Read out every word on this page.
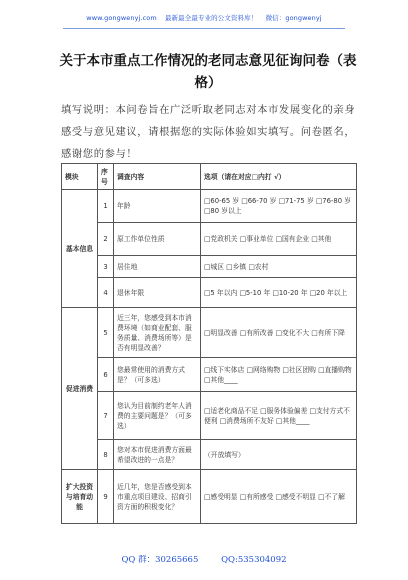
www.gongwenyj.com 最新最全最专业的公文资料库！ 微信：gongwenyj
关于本市重点工作情况的老同志意见征询问卷（表格）
填写说明：本问卷旨在广泛听取老同志对本市发展变化的亲身感受与意见建议，请根据您的实际体验如实填写。问卷匿名，感谢您的参与！
模块	序号	调查内容	选项（请在对应□内打 √）
基本信息	1	年龄	□60-65 岁 □66-70 岁 □71-75 岁 □76-80 岁 □80 岁以上
	2	原工作单位性质	□党政机关 □事业单位 □国有企业 □其他
	3	居住地	□城区 □乡镇 □农村
	4	退休年限	□5 年以内 □5-10 年 □10-20 年 □20 年以上
促进消费	5	近三年，您感受到本市消费环境（如商业配套、服务质量、消费场所等）是否有明显改善？	□明显改善 □有所改善 □变化不大 □有所下降
	6	您最常使用的消费方式是？（可多选）	□线下实体店 □网络购物 □社区团购 □直播购物 □其他____
	7	您认为目前制约老年人消费的主要问题是？（可多选）	□适老化商品不足 □服务体验偏差 □支付方式不便利 □消费场所不友好 □其他____
	8	您对本市促进消费方面最希望改进的一点是？	（开放填写）
扩大投资与培育动能	9	近几年，您是否感受到本市重点项目建设、招商引资方面的积极变化？	□感受明显 □有所感受 □感受不明显 □不了解
QQ 群：30265665	QQ:535304092
